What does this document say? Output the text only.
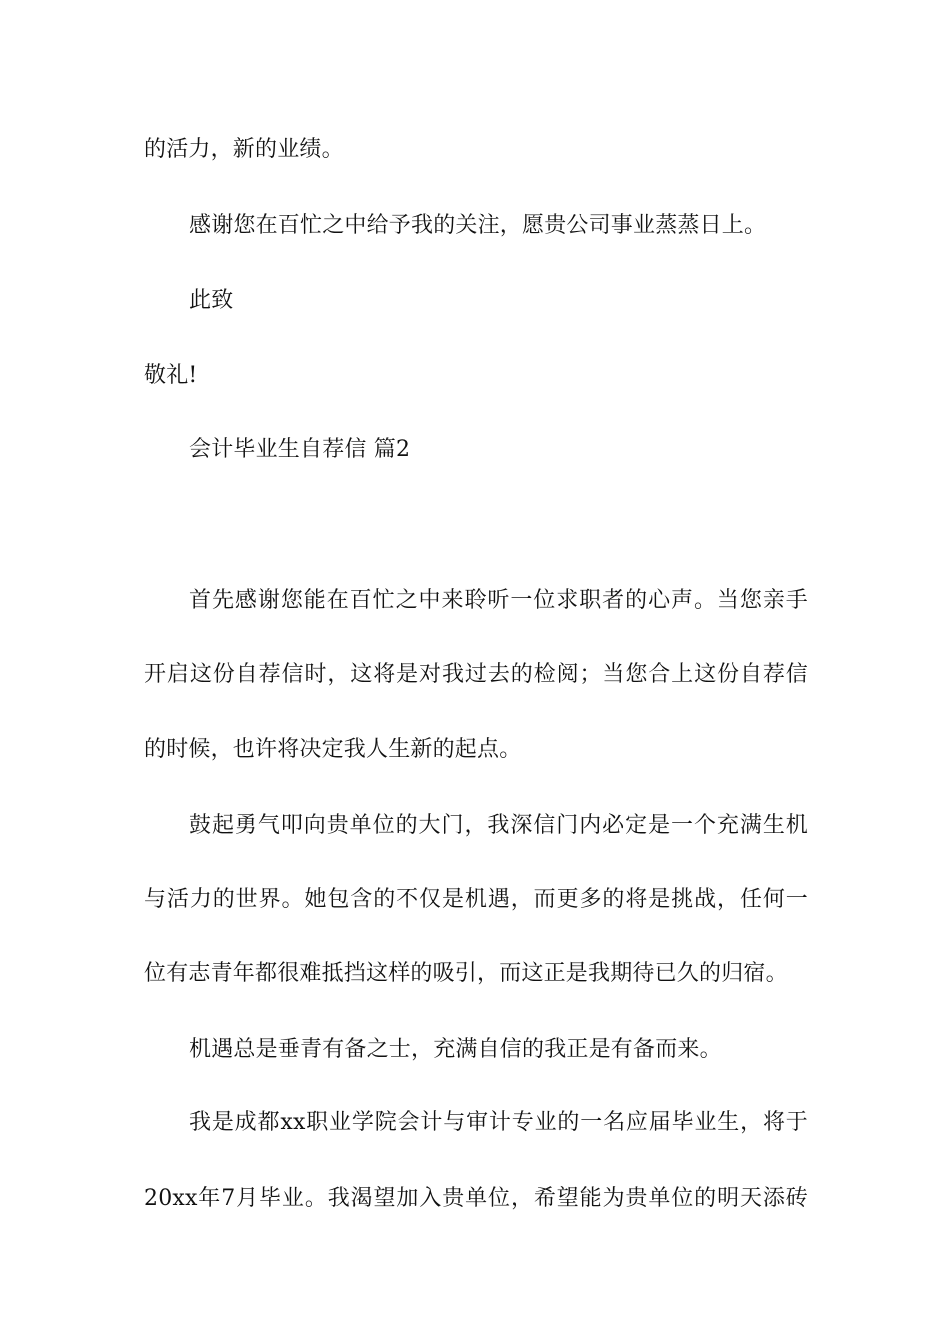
的活力，新的业绩。
感谢您在百忙之中给予我的关注，愿贵公司事业蒸蒸日上。
此致
敬礼!
会计毕业生自荐信 篇2
首先感谢您能在百忙之中来聆听一位求职者的心声。当您亲手
开启这份自荐信时，这将是对我过去的检阅；当您合上这份自荐信
的时候，也许将决定我人生新的起点。
鼓起勇气叩向贵单位的大门，我深信门内必定是一个充满生机
与活力的世界。她包含的不仅是机遇，而更多的将是挑战，任何一
位有志青年都很难抵挡这样的吸引，而这正是我期待已久的归宿。
机遇总是垂青有备之士，充满自信的我正是有备而来。
我是成都xx职业学院会计与审计专业的一名应届毕业生，将于
20xx年7月毕业。我渴望加入贵单位，希望能为贵单位的明天添砖
